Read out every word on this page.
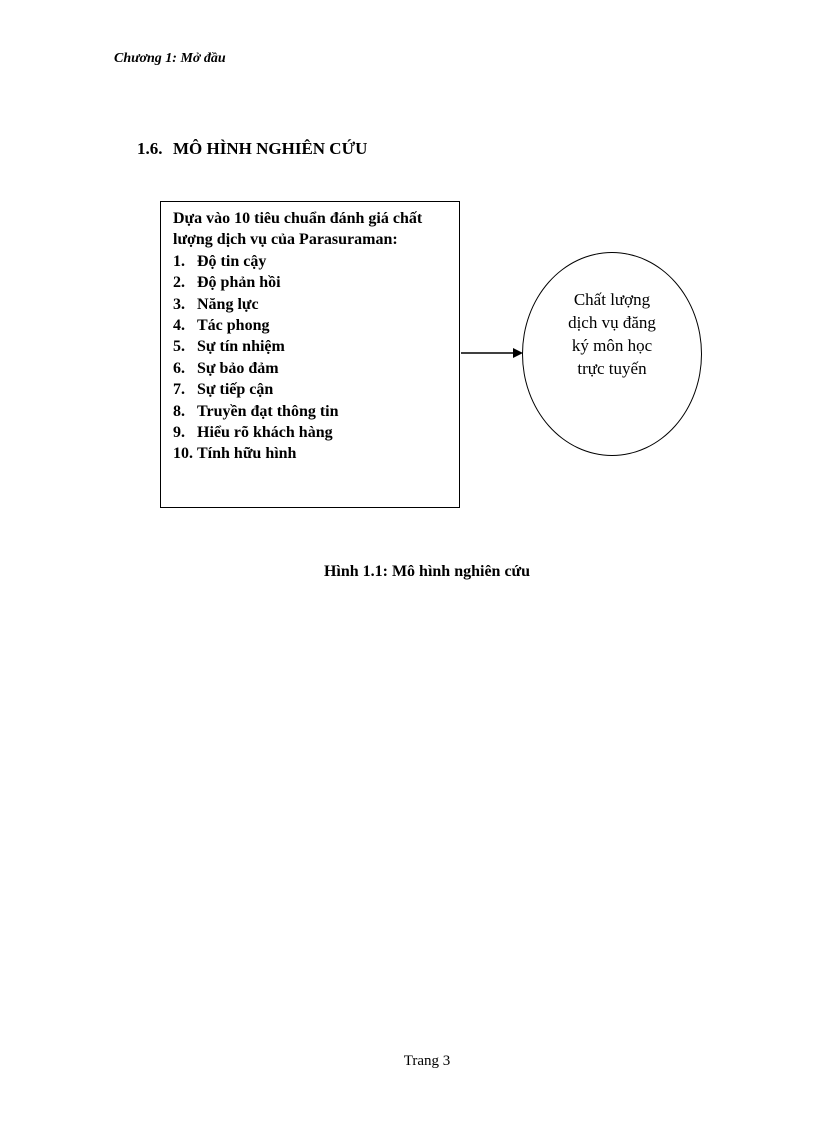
Chương 1: Mở đầu
1.6. MÔ HÌNH NGHIÊN CỨU

Dựa vào 10 tiêu chuẩn đánh giá chất
lượng dịch vụ của Parasuraman:

1. Độ tin cậy
2. Độ phản hồi
3. Năng lực
4. Tác phong
5. Sự tín nhiệm
6. Sự bảo đảm
7. Sự tiếp cận
8. Truyền đạt thông tin
9. Hiểu rõ khách hàng
10. Tính hữu hình
Chất lượng
dịch vụ đăng
ký môn học
trực tuyến
Hình 1.1: Mô hình nghiên cứu
Trang 3
